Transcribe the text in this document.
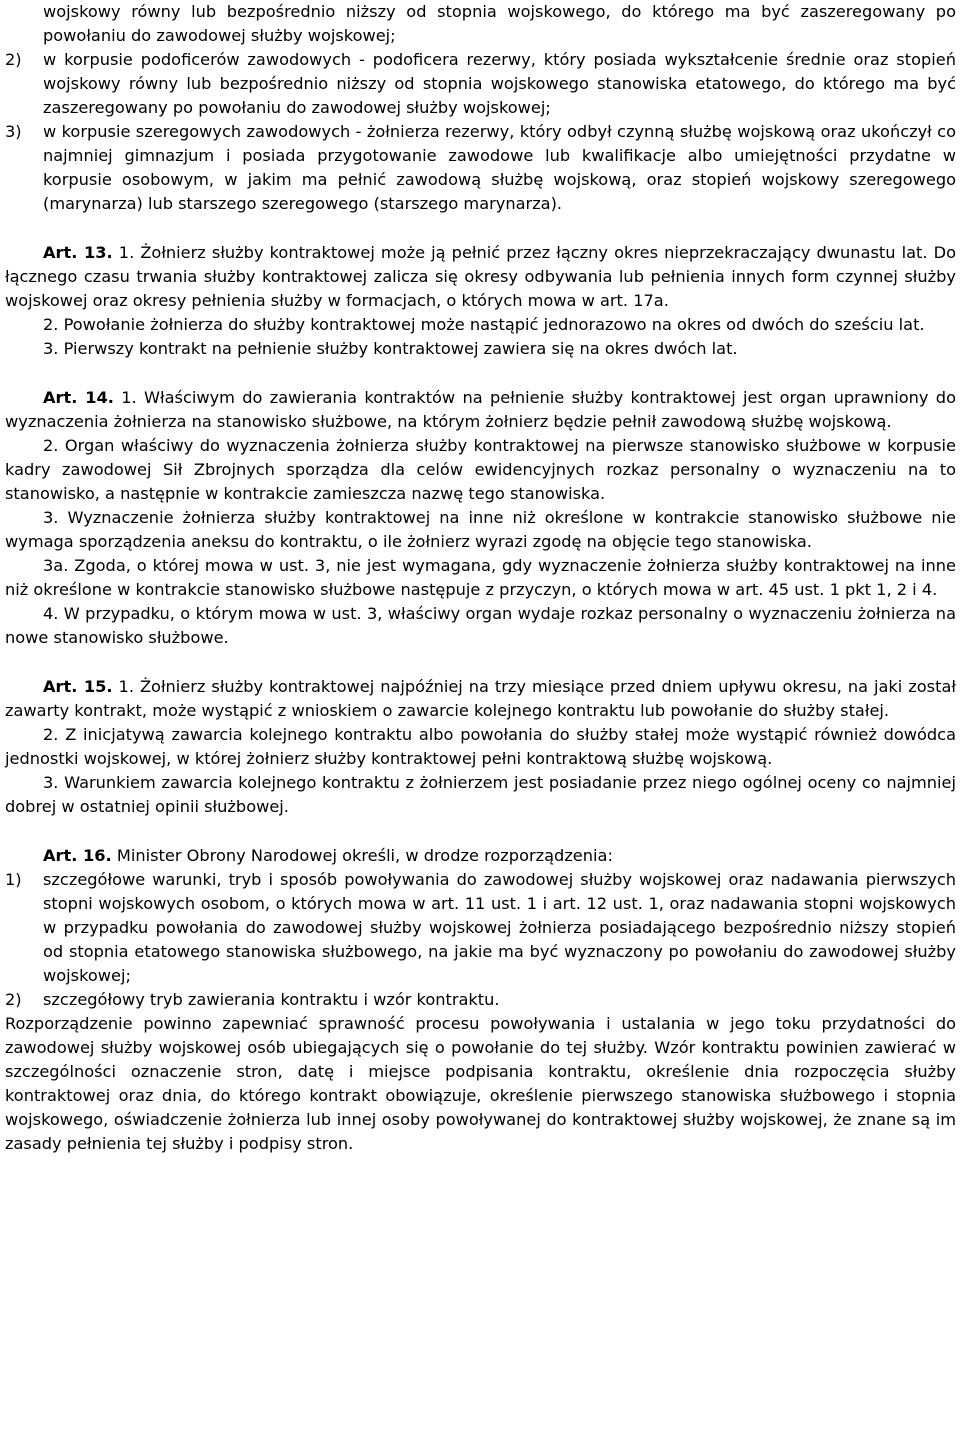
wojskowy równy lub bezpośrednio niższy od stopnia wojskowego, do którego ma być zaszeregowany po powołaniu do zawodowej służby wojskowej;

2)	w korpusie podoficerów zawodowych - podoficera rezerwy, który posiada wykształcenie średnie oraz stopień wojskowy równy lub bezpośrednio niższy od stopnia wojskowego stanowiska etatowego, do którego ma być zaszeregowany po powołaniu do zawodowej służby wojskowej;
3)	w korpusie szeregowych zawodowych - żołnierza rezerwy, który odbył czynną służbę wojskową oraz ukończył co najmniej gimnazjum i posiada przygotowanie zawodowe lub kwalifikacje albo umiejętności przydatne w korpusie osobowym, w jakim ma pełnić zawodową służbę wojskową, oraz stopień wojskowy szeregowego (marynarza) lub starszego szeregowego (starszego marynarza).

Art. 13. 1. Żołnierz służby kontraktowej może ją pełnić przez łączny okres nieprzekraczający dwunastu lat. Do łącznego czasu trwania służby kontraktowej zalicza się okresy odbywania lub pełnienia innych form czynnej służby wojskowej oraz okresy pełnienia służby w formacjach, o których mowa w art. 17a.

2. Powołanie żołnierza do służby kontraktowej może nastąpić jednorazowo na okres od dwóch do sześciu lat.

3. Pierwszy kontrakt na pełnienie służby kontraktowej zawiera się na okres dwóch lat.

Art. 14. 1. Właściwym do zawierania kontraktów na pełnienie służby kontraktowej jest organ uprawniony do wyznaczenia żołnierza na stanowisko służbowe, na którym żołnierz będzie pełnił zawodową służbę wojskową.

2. Organ właściwy do wyznaczenia żołnierza służby kontraktowej na pierwsze stanowisko służbowe w korpusie kadry zawodowej Sił Zbrojnych sporządza dla celów ewidencyjnych rozkaz personalny o wyznaczeniu na to stanowisko, a następnie w kontrakcie zamieszcza nazwę tego stanowiska.

3. Wyznaczenie żołnierza służby kontraktowej na inne niż określone w kontrakcie stanowisko służbowe nie wymaga sporządzenia aneksu do kontraktu, o ile żołnierz wyrazi zgodę na objęcie tego stanowiska.

3a. Zgoda, o której mowa w ust. 3, nie jest wymagana, gdy wyznaczenie żołnierza służby kontraktowej na inne niż określone w kontrakcie stanowisko służbowe następuje z przyczyn, o których mowa w art. 45 ust. 1 pkt 1, 2 i 4.

4. W przypadku, o którym mowa w ust. 3, właściwy organ wydaje rozkaz personalny o wyznaczeniu żołnierza na nowe stanowisko służbowe.

Art. 15. 1. Żołnierz służby kontraktowej najpóźniej na trzy miesiące przed dniem upływu okresu, na jaki został zawarty kontrakt, może wystąpić z wnioskiem o zawarcie kolejnego kontraktu lub powołanie do służby stałej.

2. Z inicjatywą zawarcia kolejnego kontraktu albo powołania do służby stałej może wystąpić również dowódca jednostki wojskowej, w której żołnierz służby kontraktowej pełni kontraktową służbę wojskową.

3. Warunkiem zawarcia kolejnego kontraktu z żołnierzem jest posiadanie przez niego ogólnej oceny co najmniej dobrej w ostatniej opinii służbowej.

Art. 16. Minister Obrony Narodowej określi, w drodze rozporządzenia:

1)	szczegółowe warunki, tryb i sposób powoływania do zawodowej służby wojskowej oraz nadawania pierwszych stopni wojskowych osobom, o których mowa w art. 11 ust. 1 i art. 12 ust. 1, oraz nadawania stopni wojskowych w przypadku powołania do zawodowej służby wojskowej żołnierza posiadającego bezpośrednio niższy stopień od stopnia etatowego stanowiska służbowego, na jakie ma być wyznaczony po powołaniu do zawodowej służby wojskowej;
2)	szczegółowy tryb zawierania kontraktu i wzór kontraktu.

Rozporządzenie powinno zapewniać sprawność procesu powoływania i ustalania w jego toku przydatności do zawodowej służby wojskowej osób ubiegających się o powołanie do tej służby. Wzór kontraktu powinien zawierać w szczególności oznaczenie stron, datę i miejsce podpisania kontraktu, określenie dnia rozpoczęcia służby kontraktowej oraz dnia, do którego kontrakt obowiązuje, określenie pierwszego stanowiska służbowego i stopnia wojskowego, oświadczenie żołnierza lub innej osoby powoływanej do kontraktowej służby wojskowej, że znane są im zasady pełnienia tej służby i podpisy stron.
